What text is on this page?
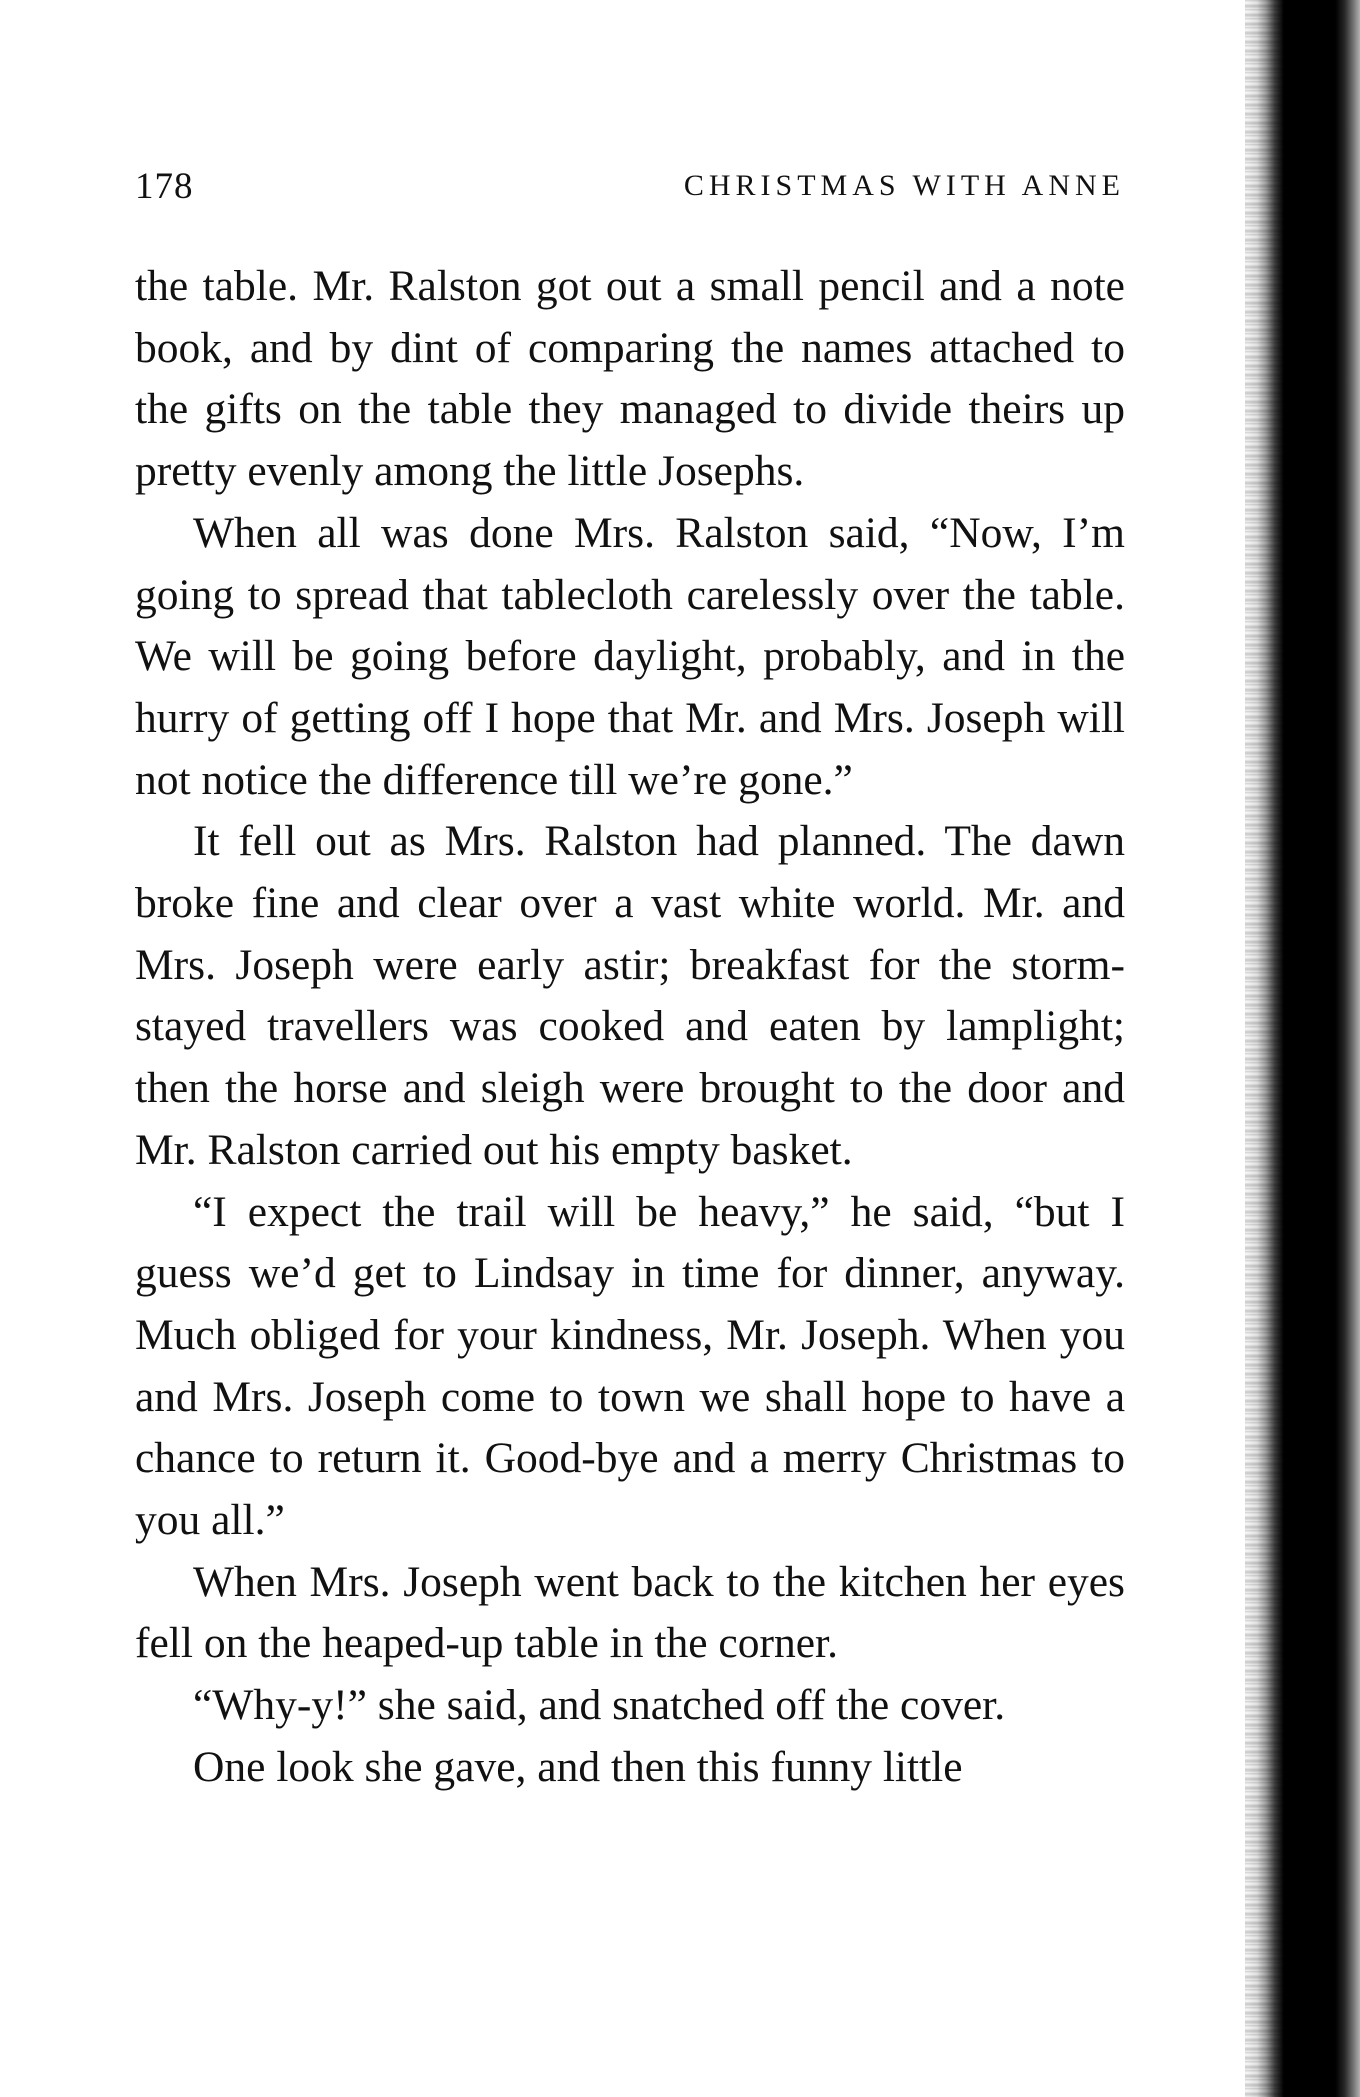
178	CHRISTMAS WITH ANNE

the table. Mr. Ralston got out a small pencil and a note book, and by dint of comparing the names attached to the gifts on the table they managed to divide theirs up pretty evenly among the little Josephs.

When all was done Mrs. Ralston said, “Now, I’m going to spread that tablecloth carelessly over the table. We will be going before daylight, probably, and in the hurry of getting off I hope that Mr. and Mrs. Joseph will not notice the difference till we’re gone.”

It fell out as Mrs. Ralston had planned. The dawn broke fine and clear over a vast white world. Mr. and Mrs. Joseph were early astir; breakfast for the storm-stayed travellers was cooked and eaten by lamplight; then the horse and sleigh were brought to the door and Mr. Ralston carried out his empty basket.

“I expect the trail will be heavy,” he said, “but I guess we’d get to Lindsay in time for dinner, anyway. Much obliged for your kindness, Mr. Joseph. When you and Mrs. Joseph come to town we shall hope to have a chance to return it. Good-bye and a merry Christmas to you all.”

When Mrs. Joseph went back to the kitchen her eyes fell on the heaped-up table in the corner.

“Why-y!” she said, and snatched off the cover.

One look she gave, and then this funny little
